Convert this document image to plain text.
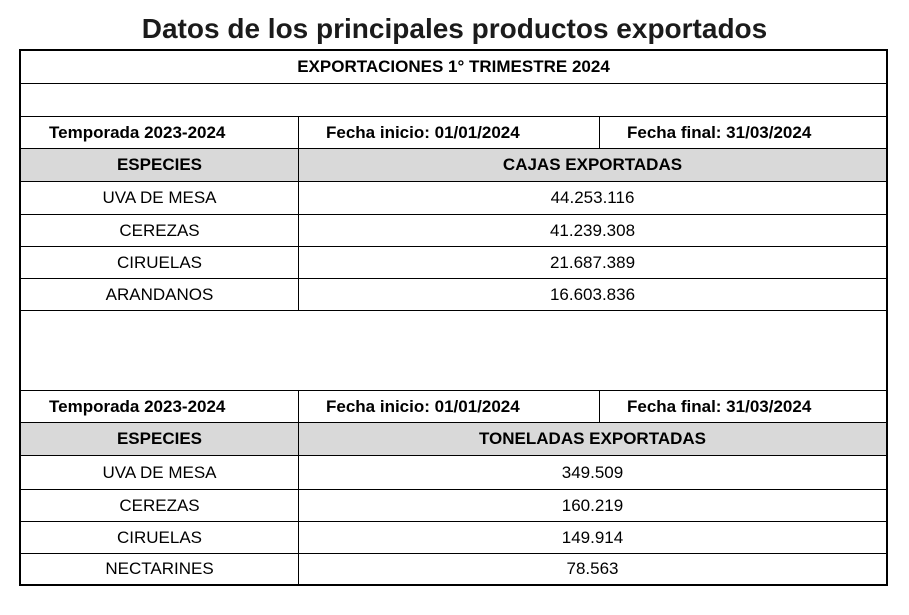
Datos de los principales productos exportados
EXPORTACIONES 1° TRIMESTRE 2024
Temporada 2023-2024	Fecha inicio: 01/01/2024	Fecha final: 31/03/2024
ESPECIES	CAJAS EXPORTADAS
UVA DE MESA	44.253.116
CEREZAS	41.239.308
CIRUELAS	21.687.389
ARANDANOS	16.603.836
Temporada 2023-2024	Fecha inicio: 01/01/2024	Fecha final: 31/03/2024
ESPECIES	TONELADAS EXPORTADAS
UVA DE MESA	349.509
CEREZAS	160.219
CIRUELAS	149.914
NECTARINES	78.563
